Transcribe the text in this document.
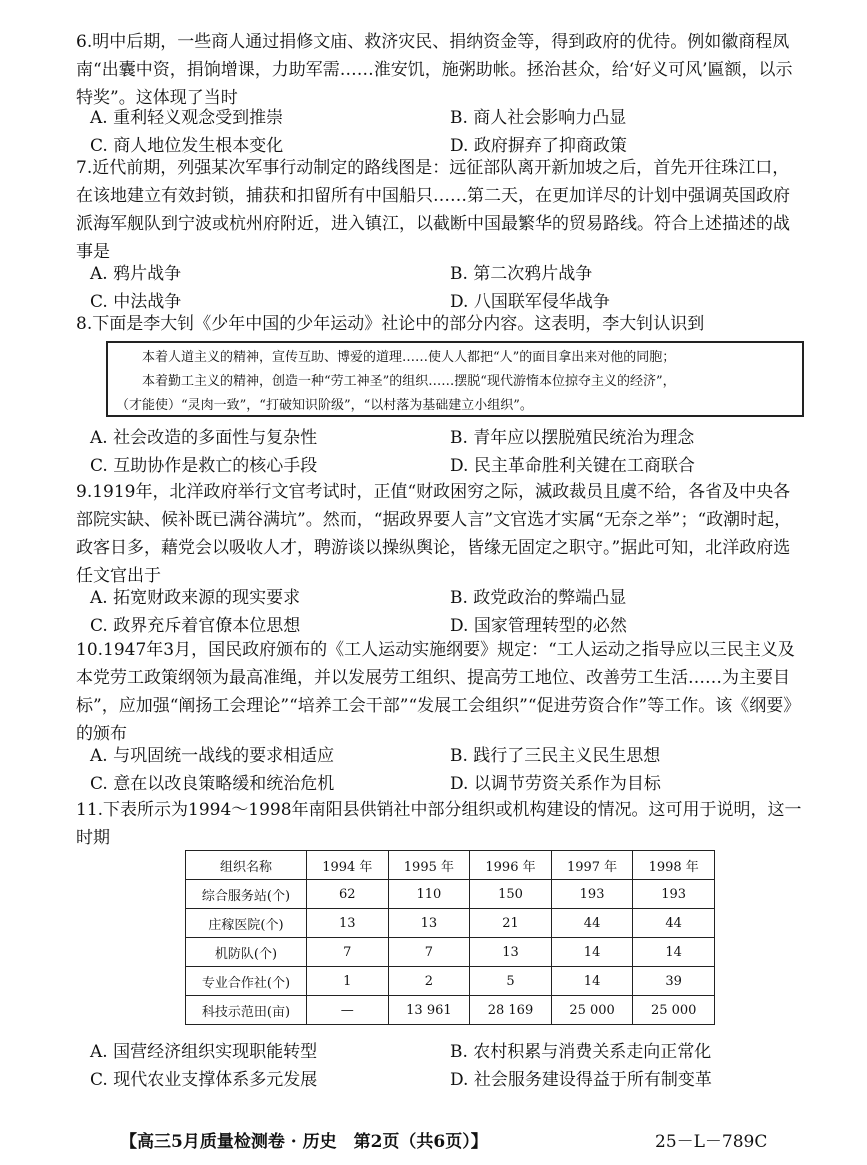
6.明中后期，一些商人通过捐修文庙、救济灾民、捐纳资金等，得到政府的优待。例如徽商程凤南“出囊中资，捐饷增课，力助军需……淮安饥，施粥助帐。拯治甚众，给‘好义可风’匾额，以示特奖”。这体现了当时
A. 重利轻义观念受到推崇	B. 商人社会影响力凸显
C. 商人地位发生根本变化	D. 政府摒弃了抑商政策
7.近代前期，列强某次军事行动制定的路线图是：远征部队离开新加坡之后，首先开往珠江口，在该地建立有效封锁，捕获和扣留所有中国船只……第二天，在更加详尽的计划中强调英国政府派海军舰队到宁波或杭州府附近，进入镇江，以截断中国最繁华的贸易路线。符合上述描述的战事是
A. 鸦片战争	B. 第二次鸦片战争
C. 中法战争	D. 八国联军侵华战争
8.下面是李大钊《少年中国的少年运动》社论中的部分内容。这表明，李大钊认识到
本着人道主义的精神，宣传互助、博爱的道理……使人人都把“人”的面目拿出来对他的同胞；
本着勤工主义的精神，创造一种“劳工神圣”的组织……摆脱“现代游惰本位掠夺主义的经济”，
（才能使）“灵肉一致”，“打破知识阶级”，“以村落为基础建立小组织”。
A. 社会改造的多面性与复杂性	B. 青年应以摆脱殖民统治为理念
C. 互助协作是救亡的核心手段	D. 民主革命胜利关键在工商联合
9.1919年，北洋政府举行文官考试时，正值“财政困穷之际，滅政裁员且虞不给，各省及中央各部院实缺、候补既已满谷满坑”。然而，“据政界要人言”文官选才实属“无奈之举”；“政潮时起，政客日多，藉党会以吸收人才，聘游谈以操纵舆论，皆缘无固定之职守。”据此可知，北洋政府选任文官出于
A. 拓宽财政来源的现实要求	B. 政党政治的弊端凸显
C. 政界充斥着官僚本位思想	D. 国家管理转型的必然
10.1947年3月，国民政府颁布的《工人运动实施纲要》规定：“工人运动之指导应以三民主义及本党劳工政策纲领为最高准绳，并以发展劳工组织、提高劳工地位、改善劳工生活……为主要目标”，应加强“阐扬工会理论”“培养工会干部”“发展工会组织”“促进劳资合作”等工作。该《纲要》的颁布
A. 与巩固统一战线的要求相适应	B. 践行了三民主义民生思想
C. 意在以改良策略缓和统治危机	D. 以调节劳资关系作为目标
11.下表所示为1994～1998年南阳县供销社中部分组织或机构建设的情况。这可用于说明，这一时期
组织名称	1994 年	1995 年	1996 年	1997 年	1998 年
综合服务站(个)	62	110	150	193	193
庄稼医院(个)	13	13	21	44	44
机防队(个)	7	7	13	14	14
专业合作社(个)	1	2	5	14	39
科技示范田(亩)	—	13 961	28 169	25 000	25 000
A. 国营经济组织实现职能转型	B. 农村积累与消费关系走向正常化
C. 现代农业支撑体系多元发展	D. 社会服务建设得益于所有制变革
【高三5月质量检测卷 · 历史　第2页（共6页）】	25－L－789C
